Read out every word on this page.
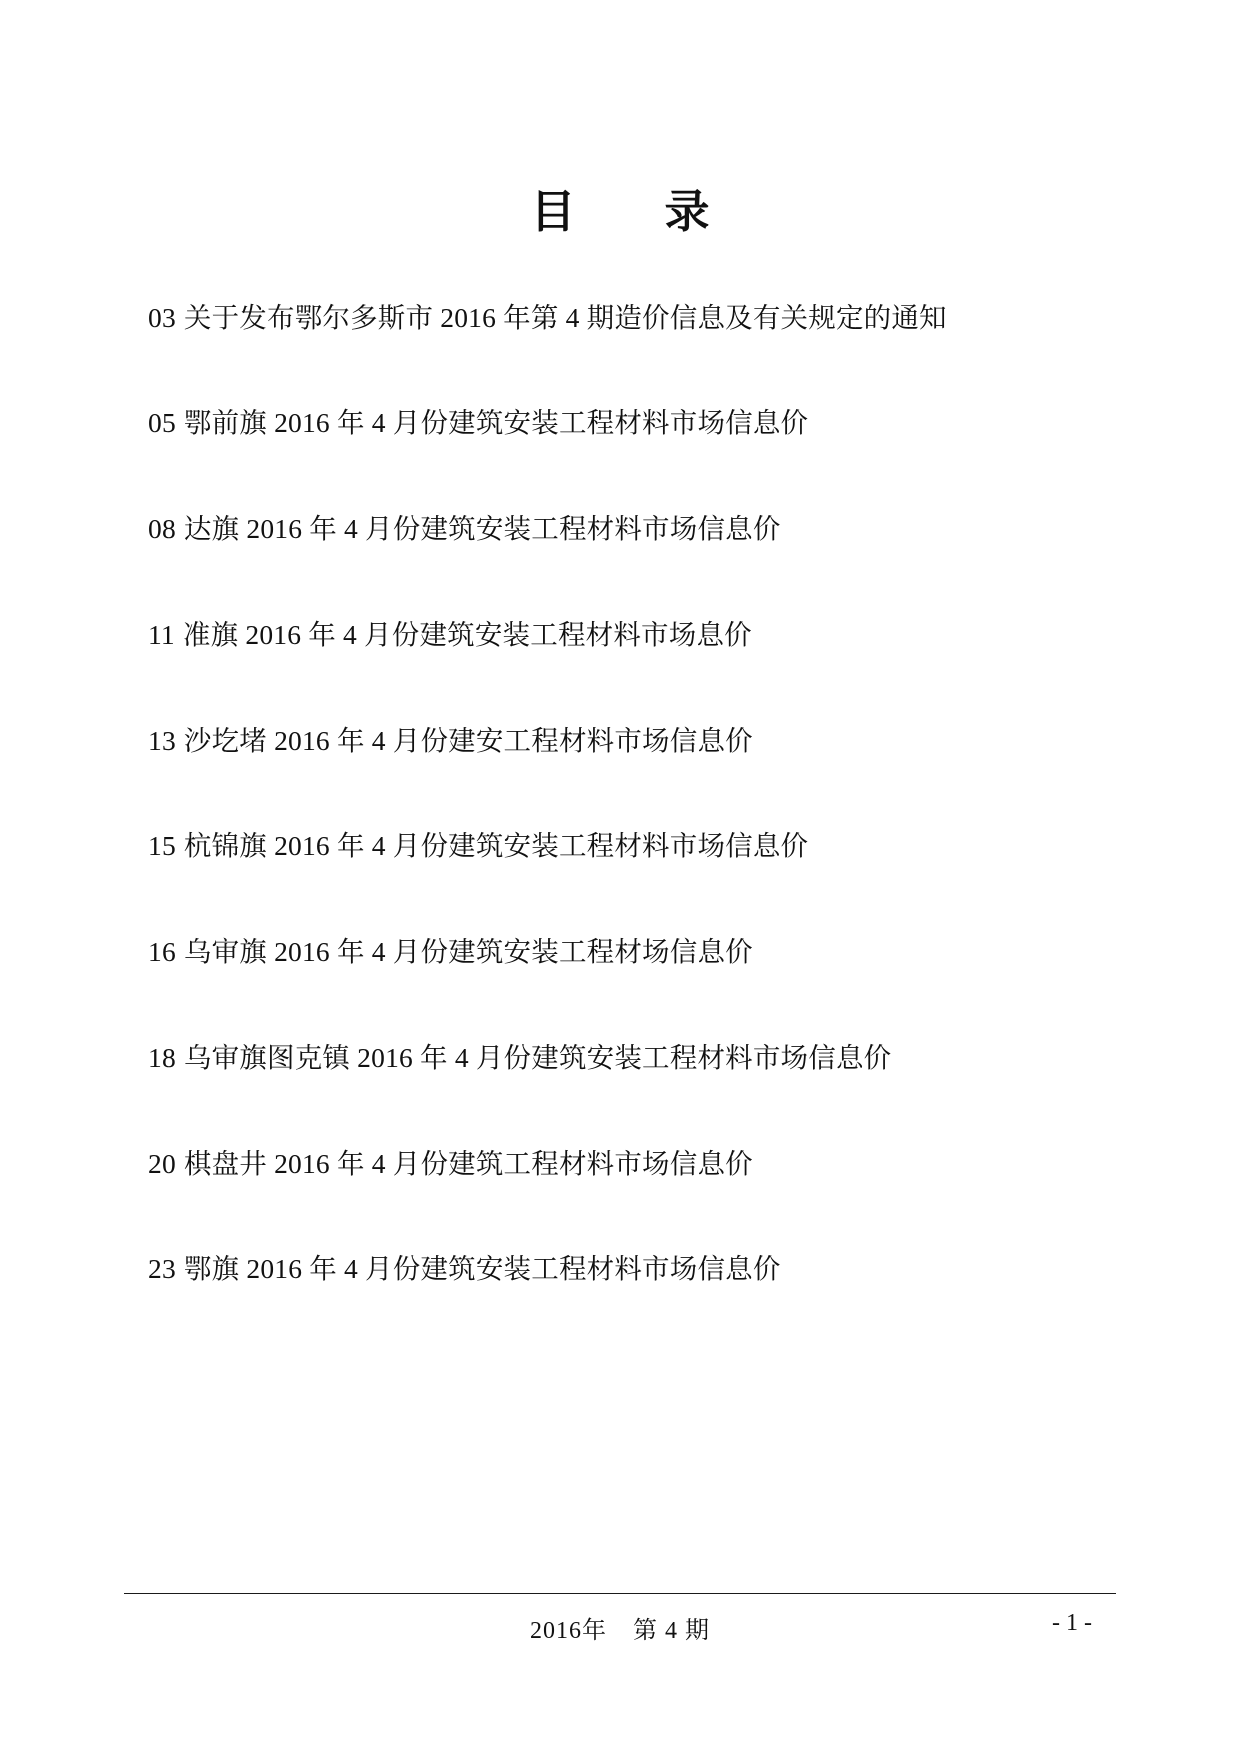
目　录
03 关于发布鄂尔多斯市 2016 年第 4 期造价信息及有关规定的通知
05 鄂前旗 2016 年 4 月份建筑安装工程材料市场信息价
08 达旗 2016 年 4 月份建筑安装工程材料市场信息价
11 准旗 2016 年 4 月份建筑安装工程材料市场息价
13 沙圪堵 2016 年 4 月份建安工程材料市场信息价
15 杭锦旗 2016 年 4 月份建筑安装工程材料市场信息价
16 乌审旗 2016 年 4 月份建筑安装工程材场信息价
18 乌审旗图克镇 2016 年 4 月份建筑安装工程材料市场信息价
20 棋盘井 2016 年 4 月份建筑工程材料市场信息价
23 鄂旗 2016 年 4 月份建筑安装工程材料市场信息价
2016年 第 4 期	- 1 -
